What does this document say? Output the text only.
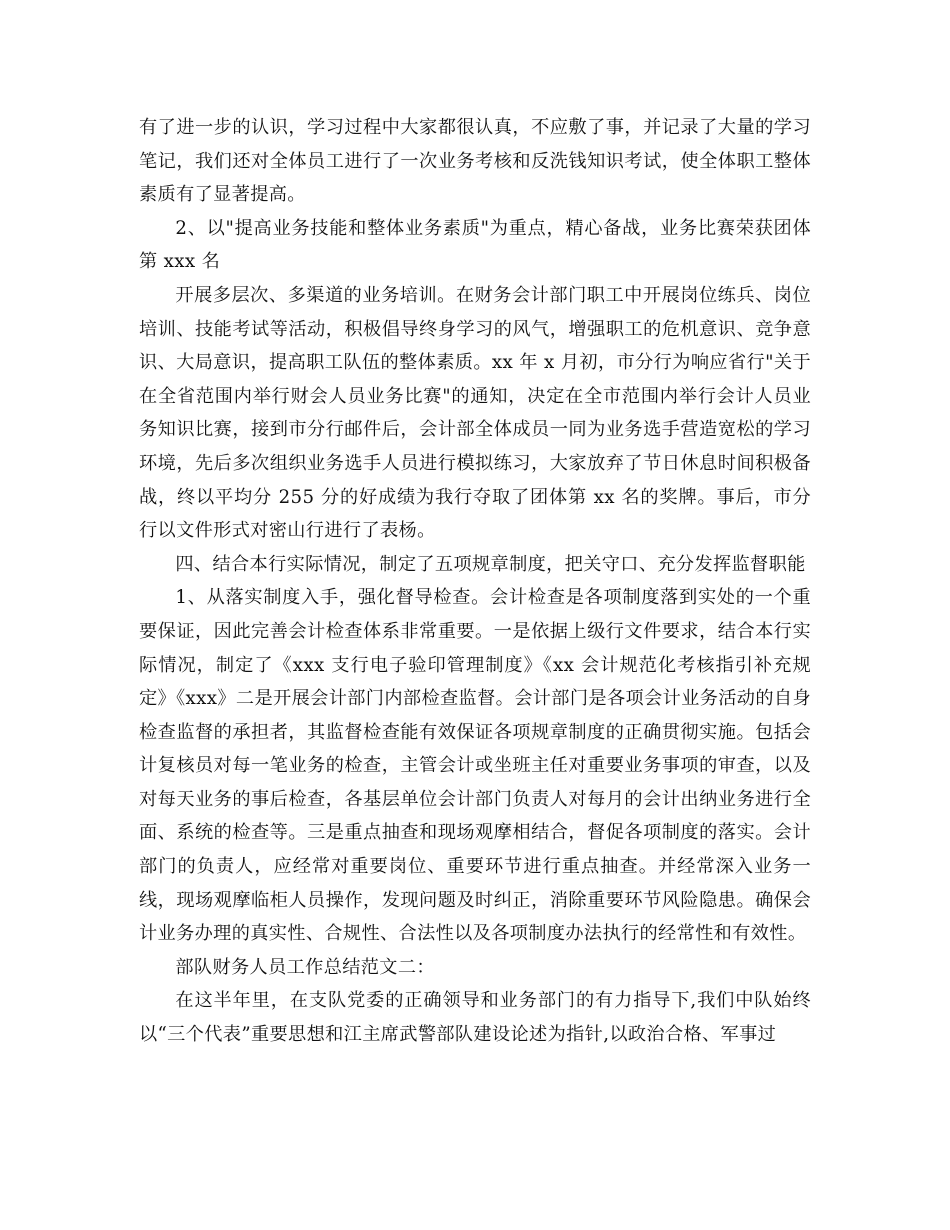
有了进一步的认识，学习过程中大家都很认真，不应敷了事，并记录了大量的学习笔记，我们还对全体员工进行了一次业务考核和反洗钱知识考试，使全体职工整体素质有了显著提高。

2、以"提高业务技能和整体业务素质"为重点，精心备战，业务比赛荣获团体第 xxx 名

开展多层次、多渠道的业务培训。在财务会计部门职工中开展岗位练兵、岗位培训、技能考试等活动，积极倡导终身学习的风气，增强职工的危机意识、竞争意识、大局意识，提高职工队伍的整体素质。xx 年 x 月初，市分行为响应省行"关于在全省范围内举行财会人员业务比赛"的通知，决定在全市范围内举行会计人员业务知识比赛，接到市分行邮件后，会计部全体成员一同为业务选手营造宽松的学习环境，先后多次组织业务选手人员进行模拟练习，大家放弃了节日休息时间积极备战，终以平均分 255 分的好成绩为我行夺取了团体第 xx 名的奖牌。事后，市分行以文件形式对密山行进行了表杨。

四、结合本行实际情况，制定了五项规章制度，把关守口、充分发挥监督职能

1、从落实制度入手，强化督导检查。会计检查是各项制度落到实处的一个重要保证，因此完善会计检查体系非常重要。一是依据上级行文件要求，结合本行实际情况，制定了《xxx 支行电子验印管理制度》《xx 会计规范化考核指引补充规定》《xxx》二是开展会计部门内部检查监督。会计部门是各项会计业务活动的自身检查监督的承担者，其监督检查能有效保证各项规章制度的正确贯彻实施。包括会计复核员对每一笔业务的检查，主管会计或坐班主任对重要业务事项的审查，以及对每天业务的事后检查，各基层单位会计部门负责人对每月的会计出纳业务进行全面、系统的检查等。三是重点抽查和现场观摩相结合，督促各项制度的落实。会计部门的负责人，应经常对重要岗位、重要环节进行重点抽查。并经常深入业务一线，现场观摩临柜人员操作，发现问题及时纠正，消除重要环节风险隐患。确保会计业务办理的真实性、合规性、合法性以及各项制度办法执行的经常性和有效性。

部队财务人员工作总结范文二：

在这半年里，在支队党委的正确领导和业务部门的有力指导下,我们中队始终以“三个代表”重要思想和江主席武警部队建设论述为指针,以政治合格、军事过
